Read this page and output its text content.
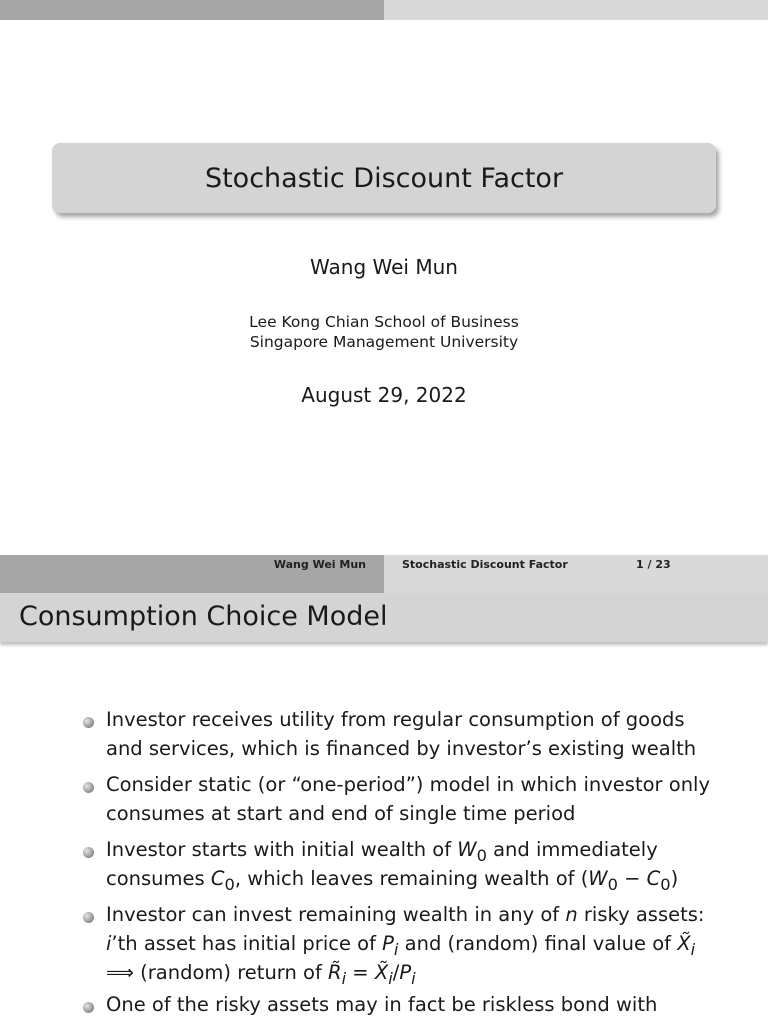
Stochastic Discount Factor
Wang Wei Mun
Lee Kong Chian School of Business
Singapore Management University
August 29, 2022
Wang Wei Mun	Stochastic Discount Factor	1 / 23
Consumption Choice Model
Investor receives utility from regular consumption of goods
and services, which is financed by investor’s existing wealth
Consider static (or “one-period”) model in which investor only
consumes at start and end of single time period
Investor starts with initial wealth of $W_0$ and immediately
consumes $C_0$, which leaves remaining wealth of $(W_0 - C_0)$
Investor can invest remaining wealth in any of n risky assets:
i’th asset has initial price of $P_i$ and (random) final value of $X̃_i$
⟹ (random) return of $R̃_i$ = $X̃_i/P_i$
One of the risky assets may in fact be riskless bond with
